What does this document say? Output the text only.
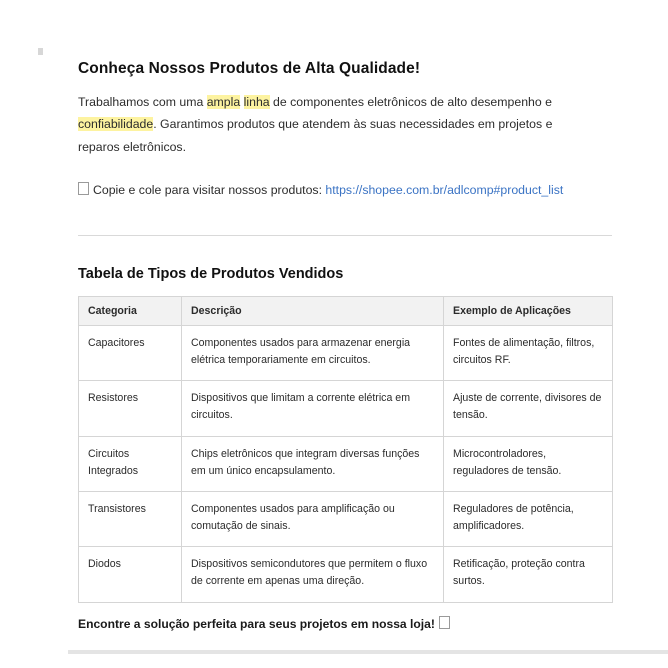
Conheça Nossos Produtos de Alta Qualidade!

Trabalhamos com uma ampla linha de componentes eletrônicos de alto desempenho e confiabilidade. Garantimos produtos que atendem às suas necessidades em projetos e reparos eletrônicos.

Copie e cole para visitar nossos produtos: https://shopee.com.br/adlcomp#product_list

Tabela de Tipos de Produtos Vendidos
Categoria	Descrição	Exemplo de Aplicações
Capacitores	Componentes usados para armazenar energia elétrica temporariamente em circuitos.	Fontes de alimentação, filtros, circuitos RF.
Resistores	Dispositivos que limitam a corrente elétrica em circuitos.	Ajuste de corrente, divisores de tensão.
Circuitos Integrados	Chips eletrônicos que integram diversas funções em um único encapsulamento.	Microcontroladores, reguladores de tensão.
Transistores	Componentes usados para amplificação ou comutação de sinais.	Reguladores de potência, amplificadores.
Diodos	Dispositivos semicondutores que permitem o fluxo de corrente em apenas uma direção.	Retificação, proteção contra surtos.

Encontre a solução perfeita para seus projetos em nossa loja!
